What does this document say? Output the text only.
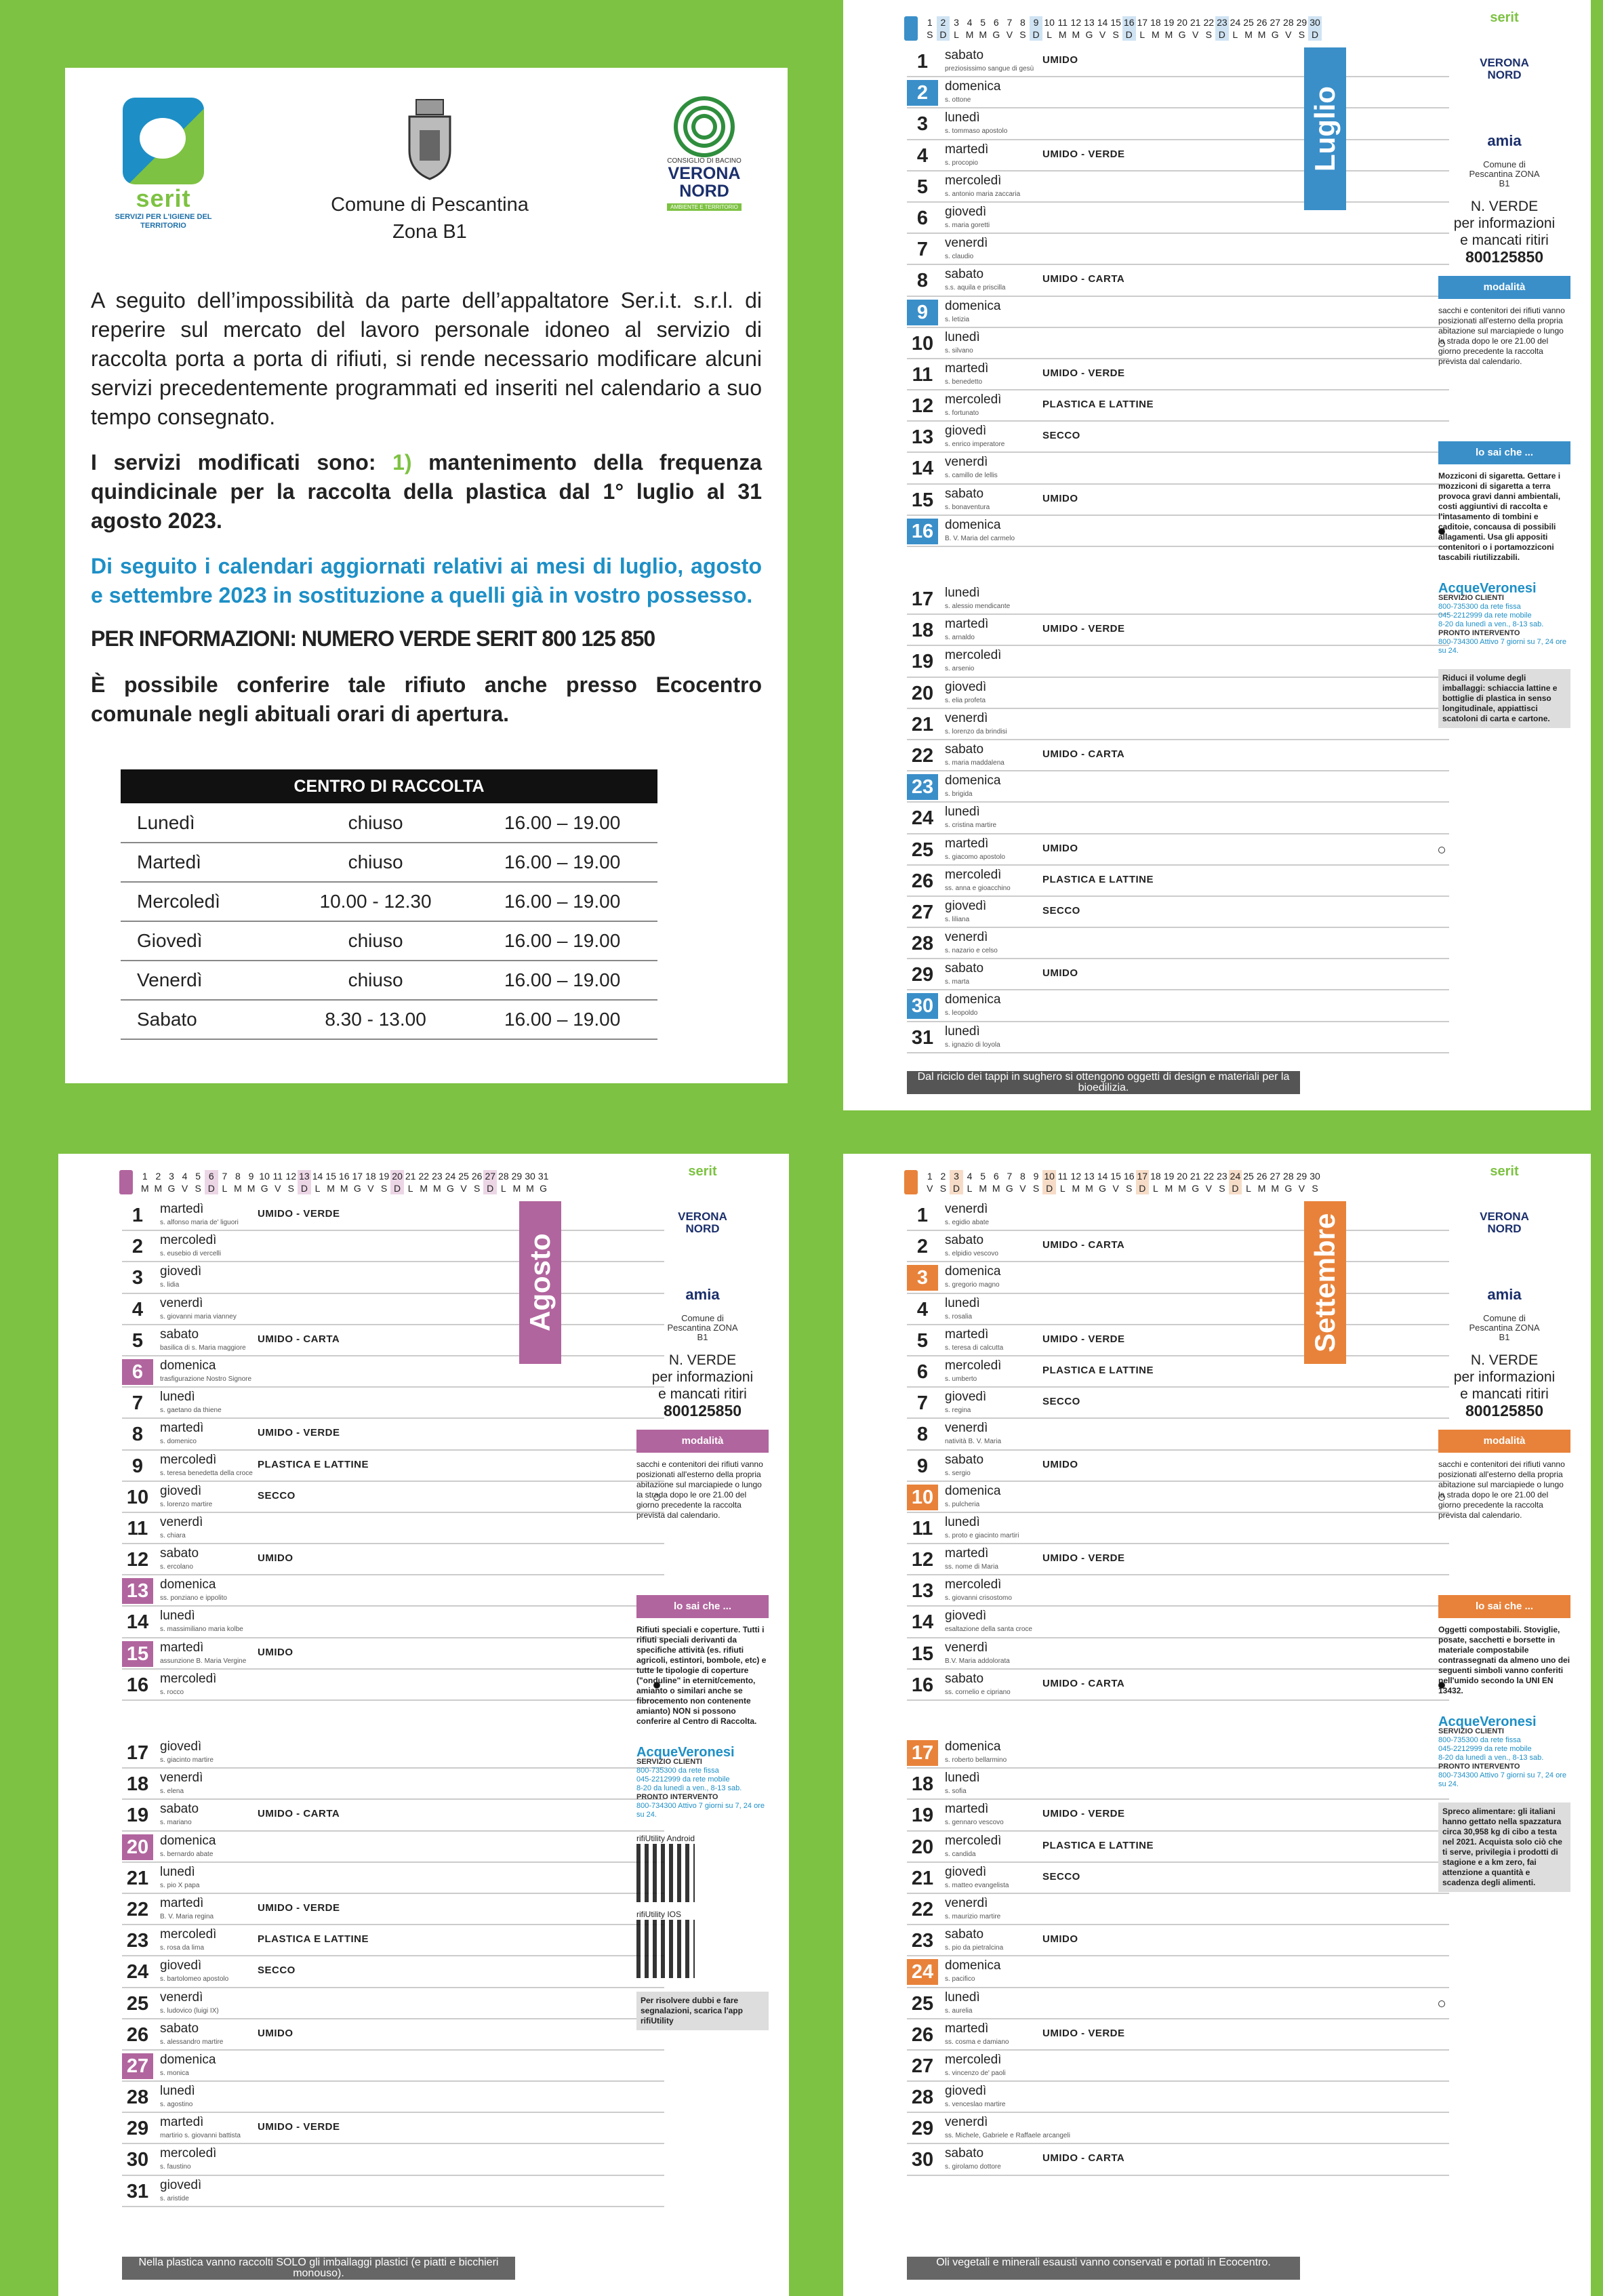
serit
SERVIZI PER L'IGIENE DEL TERRITORIO
Comune di Pescantina
Zona B1
CONSIGLIO DI BACINO
VERONA
NORD
AMBIENTE E TERRITORIO

A seguito dell’impossibilità da parte dell’appaltatore Ser.i.t. s.r.l. di reperire sul mercato del lavoro personale idoneo al servizio di raccolta porta a porta di rifiuti, si rende necessario modificare alcuni servizi precedentemente programmati ed inseriti nel calendario a suo tempo consegnato.

I servizi modificati sono: 1) mantenimento della frequenza quindicinale per la raccolta della plastica dal 1° luglio al 31 agosto 2023.

Di seguito i calendari aggiornati relativi ai mesi di luglio, agosto e settembre 2023 in sostituzione a quelli già in vostro possesso.

PER INFORMAZIONI: NUMERO VERDE SERIT 800 125 850

È possibile conferire tale rifiuto anche presso Ecocentro comunale negli abituali orari di apertura.

CENTRO DI RACCOLTA		
Lunedì	chiuso	16.00 – 19.00
Martedì	chiuso	16.00 – 19.00
Mercoledì	10.00 - 12.30	16.00 – 19.00
Giovedì	chiuso	16.00 – 19.00
Venerdì	chiuso	16.00 – 19.00
Sabato	8.30 - 13.00	16.00 – 19.00
1
S
2
D
3
L
4
M
5
M
6
G
7
V
8
S
9
D
10
L
11
M
12
M
13
G
14
V
15
S
16
D
17
L
18
M
19
M
20
G
21
V
22
S
23
D
24
L
25
M
26
M
27
G
28
V
29
S
30
D
1	sabato
preziosissimo sangue di gesù
UMIDO
2	domenica
s. ottone
3	lunedì
s. tommaso apostolo
4	martedì
s. procopio
UMIDO - VERDE
5	mercoledì
s. antonio maria zaccaria
6	giovedì
s. maria goretti
7	venerdì
s. claudio
8	sabato
s.s. aquila e priscilla
UMIDO - CARTA
9	domenica
s. letizia
10 lunedì
s. silvano
11 martedì
s. benedetto
UMIDO - VERDE
12 mercoledì
s. fortunato
PLASTICA E LATTINE
13 giovedì
s. enrico imperatore
SECCO
14 venerdì
s. camillo de lellis
15 sabato
s. bonaventura
UMIDO
16 domenica
B. V. Maria del carmelo
17 lunedì
s. alessio mendicante
18 martedì
s. arnaldo
UMIDO - VERDE
19 mercoledì
s. arsenio
20 giovedì
s. elia profeta
21 venerdì
s. lorenzo da brindisi
22 sabato
s. maria maddalena
UMIDO - CARTA
23 domenica
s. brigida
24 lunedì
s. cristina martire
25 martedì
s. giacomo apostolo
UMIDO
26 mercoledì
ss. anna e gioacchino
PLASTICA E LATTINE
27 giovedì
s. liliana
SECCO
28 venerdì
s. nazario e celso
29 sabato
s. marta
UMIDO
30 domenica
s. leopoldo
31 lunedì
s. ignazio di loyola
Luglio
serit
VERONA
NORD
amia
Comune di Pescantina ZONA B1
N. VERDE
per informazioni
e mancati ritiri
800125850
modalità
sacchi e contenitori dei rifiuti vanno posizionati all'esterno della propria abitazione sul marciapiede o lungo la strada dopo le ore 21.00 del giorno precedente la raccolta prevista dal calendario.
lo sai che ...
Mozziconi di sigaretta. Gettare i mozziconi di sigaretta a terra provoca gravi danni ambientali, costi aggiuntivi di raccolta e l'intasamento di tombini e caditoie, concausa di possibili allagamenti. Usa gli appositi contenitori o i portamozziconi tascabili riutilizzabili.
AcqueVeronesi
SERVIZIO CLIENTI
800-735300 da rete fissa
045-2212999 da rete mobile
8-20 da lunedì a ven., 8-13 sab.
PRONTO INTERVENTO
800-734300 Attivo 7 giorni su 7, 24 ore su 24.
Riduci il volume degli imballaggi: schiaccia lattine e bottiglie di plastica in senso longitudinale, appiattisci scatoloni di carta e cartone.
Dal riciclo dei tappi in sughero si ottengono oggetti di design e materiali per la bioedilizia.
1
M
2
M
3
G
4
V
5
S
6
D
7
L
8
M
9
M
10
G
11
V
12
S
13
D
14
L
15
M
16
M
17
G
18
V
19
S
20
D
21
L
22
M
23
M
24
G
25
V
26
S
27
D
28
L
29
M
30
M
31
G
1	martedì
s. alfonso maria de' liguori
UMIDO - VERDE
2	mercoledì
s. eusebio di vercelli
3	giovedì
s. lidia
4	venerdì
s. giovanni maria vianney
5	sabato
basilica di s. Maria maggiore
UMIDO - CARTA
6	domenica
trasfigurazione Nostro Signore
7	lunedì
s. gaetano da thiene
8	martedì
s. domenico
UMIDO - VERDE
9	mercoledì
s. teresa benedetta della croce
PLASTICA E LATTINE
10 giovedì
s. lorenzo martire
SECCO
11 venerdì
s. chiara
12 sabato
s. ercolano
UMIDO
13 domenica
ss. ponziano e ippolito
14 lunedì
s. massimiliano maria kolbe
15 martedì
assunzione B. Maria Vergine
UMIDO
16 mercoledì
s. rocco
17 giovedì
s. giacinto martire
18 venerdì
s. elena
19 sabato
s. mariano
UMIDO - CARTA
20 domenica
s. bernardo abate
21 lunedì
s. pio X papa
22 martedì
B. V. Maria regina
UMIDO - VERDE
23 mercoledì
s. rosa da lima
PLASTICA E LATTINE
24 giovedì
s. bartolomeo apostolo
SECCO
25 venerdì
s. ludovico (luigi IX)
26 sabato
s. alessandro martire
UMIDO
27 domenica
s. monica
28 lunedì
s. agostino
29 martedì
martirio s. giovanni battista
UMIDO - VERDE
30 mercoledì
s. faustino
31 giovedì
s. aristide
Agosto
serit
VERONA
NORD
amia
Comune di Pescantina ZONA B1
N. VERDE
per informazioni
e mancati ritiri
800125850
modalità
sacchi e contenitori dei rifiuti vanno posizionati all'esterno della propria abitazione sul marciapiede o lungo la strada dopo le ore 21.00 del giorno precedente la raccolta prevista dal calendario.
lo sai che ...
Rifiuti speciali e coperture. Tutti i rifiuti speciali derivanti da specifiche attività (es. rifiuti agricoli, estintori, bombole, etc) e tutte le tipologie di coperture ("onduline" in eternit/cemento, amianto o similari anche se fibrocemento non contenente amianto) NON si possono conferire al Centro di Raccolta.
AcqueVeronesi
SERVIZIO CLIENTI
800-735300 da rete fissa
045-2212999 da rete mobile
8-20 da lunedì a ven., 8-13 sab.
PRONTO INTERVENTO
800-734300 Attivo 7 giorni su 7, 24 ore su 24.
rifiUtility Android
rifiUtility IOS
Per risolvere dubbi e fare segnalazioni, scarica l'app rifiUtility
Nella plastica vanno raccolti SOLO gli imballaggi plastici (e piatti e bicchieri monouso).
1
V
2
S
3
D
4
L
5
M
6
M
7
G
8
V
9
S
10
D
11
L
12
M
13
M
14
G
15
V
16
S
17
D
18
L
19
M
20
M
21
G
22
V
23
S
24
D
25
L
26
M
27
M
28
G
29
V
30
S
1	venerdì
s. egidio abate
2	sabato
s. elpidio vescovo
UMIDO - CARTA
3	domenica
s. gregorio magno
4	lunedì
s. rosalia
5	martedì
s. teresa di calcutta
UMIDO - VERDE
6	mercoledì
s. umberto
PLASTICA E LATTINE
7	giovedì
s. regina
SECCO
8	venerdì
natività B. V. Maria
9	sabato
s. sergio
UMIDO
10 domenica
s. pulcheria
11 lunedì
s. proto e giacinto martiri
12 martedì
ss. nome di Maria
UMIDO - VERDE
13 mercoledì
s. giovanni crisostomo
14 giovedì
esaltazione della santa croce
15 venerdì
B.V. Maria addolorata
16 sabato
ss. cornelio e cipriano
UMIDO - CARTA
17 domenica
s. roberto bellarmino
18 lunedì
s. sofia
19 martedì
s. gennaro vescovo
UMIDO - VERDE
20 mercoledì
s. candida
PLASTICA E LATTINE
21 giovedì
s. matteo evangelista
SECCO
22 venerdì
s. maurizio martire
23 sabato
s. pio da pietralcina
UMIDO
24 domenica
s. pacifico
25 lunedì
s. aurelia
26 martedì
ss. cosma e damiano
UMIDO - VERDE
27 mercoledì
s. vincenzo de' paoli
28 giovedì
s. venceslao martire
29 venerdì
ss. Michele, Gabriele e Raffaele arcangeli
30 sabato
s. girolamo dottore
UMIDO - CARTA
Settembre
serit
VERONA
NORD
amia
Comune di Pescantina ZONA B1
N. VERDE
per informazioni
e mancati ritiri
800125850
modalità
sacchi e contenitori dei rifiuti vanno posizionati all'esterno della propria abitazione sul marciapiede o lungo la strada dopo le ore 21.00 del giorno precedente la raccolta prevista dal calendario.
lo sai che ...
Oggetti compostabili. Stoviglie, posate, sacchetti e borsette in materiale compostabile contrassegnati da almeno uno dei seguenti simboli vanno conferiti nell'umido secondo la UNI EN 13432.
AcqueVeronesi
SERVIZIO CLIENTI
800-735300 da rete fissa
045-2212999 da rete mobile
8-20 da lunedì a ven., 8-13 sab.
PRONTO INTERVENTO
800-734300 Attivo 7 giorni su 7, 24 ore su 24.
Spreco alimentare: gli italiani hanno gettato nella spazzatura circa 30,958 kg di cibo a testa nel 2021. Acquista solo ciò che ti serve, privilegia i prodotti di stagione e a km zero, fai attenzione a quantità e scadenza degli alimenti.
Oli vegetali e minerali esausti vanno conservati e portati in Ecocentro.
